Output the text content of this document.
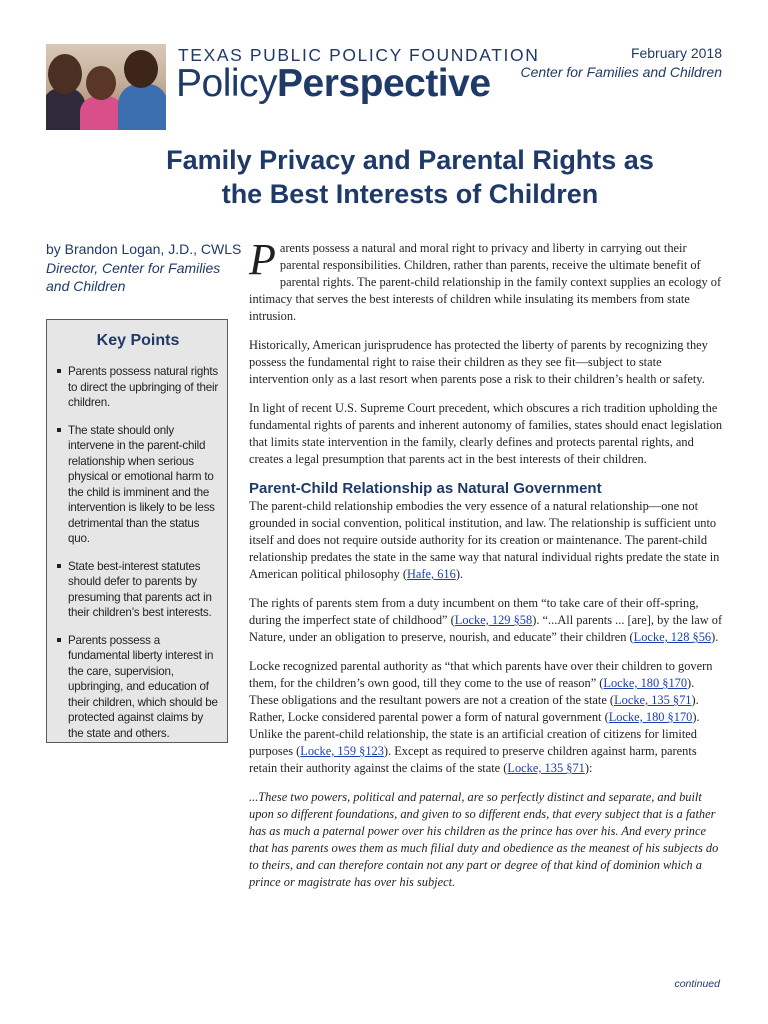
TEXAS PUBLIC POLICY FOUNDATION
PolicyPerspective
February 2018
Center for Families and Children
Family Privacy and Parental Rights as
the Best Interests of Children
by Brandon Logan, J.D., CWLS
Director, Center for Families
and Children
Key Points
Parents possess natural rights to direct the upbringing of their children.
The state should only intervene in the parent-child relationship when serious physical or emotional harm to the child is imminent and the intervention is likely to be less detrimental than the status quo.
State best-interest statutes should defer to parents by presuming that parents act in their children’s best interests.
Parents possess a fundamental liberty interest in the care, supervision, upbringing, and education of their children, which should be protected against claims by the state and others.

Parents possess a natural and moral right to privacy and liberty in carrying out their parental responsibilities. Children, rather than parents, receive the ultimate benefit of parental rights. The parent-child relationship in the family context supplies an ecology of intimacy that serves the best interests of children while insulating its members from state intrusion.

Historically, American jurisprudence has protected the liberty of parents by recognizing they possess the fundamental right to raise their children as they see fit—subject to state intervention only as a last resort when parents pose a risk to their children’s health or safety.

In light of recent U.S. Supreme Court precedent, which obscures a rich tradition upholding the fundamental rights of parents and inherent autonomy of families, states should enact legislation that limits state intervention in the family, clearly defines and protects parental rights, and creates a legal presumption that parents act in the best interests of their children.

Parent-Child Relationship as Natural Government

The parent-child relationship embodies the very essence of a natural relationship—one not grounded in social convention, political institution, and law. The relationship is sufficient unto itself and does not require outside authority for its creation or maintenance. The parent-child relationship predates the state in the same way that natural individual rights predate the state in American political philosophy (Hafe, 616).

The rights of parents stem from a duty incumbent on them “to take care of their off-spring, during the imperfect state of childhood” (Locke, 129 §58). “...All parents ... [are], by the law of Nature, under an obligation to preserve, nourish, and educate” their children (Locke, 128 §56).

Locke recognized parental authority as “that which parents have over their children to govern them, for the children’s own good, till they come to the use of reason” (Locke, 180 §170). These obligations and the resultant powers are not a creation of the state (Locke, 135 §71). Rather, Locke considered parental power a form of natural government (Locke, 180 §170). Unlike the parent-child relationship, the state is an artificial creation of citizens for limited purposes (Locke, 159 §123). Except as required to preserve children against harm, parents retain their authority against the claims of the state (Locke, 135 §71):

...These two powers, political and paternal, are so perfectly distinct and separate, and built upon so different foundations, and given to so different ends, that every subject that is a father has as much a paternal power over his children as the prince has over his. And every prince that has parents owes them as much filial duty and obedience as the meanest of his subjects do to theirs, and can therefore contain not any part or degree of that kind of dominion which a prince or magistrate has over his subject.

continued
